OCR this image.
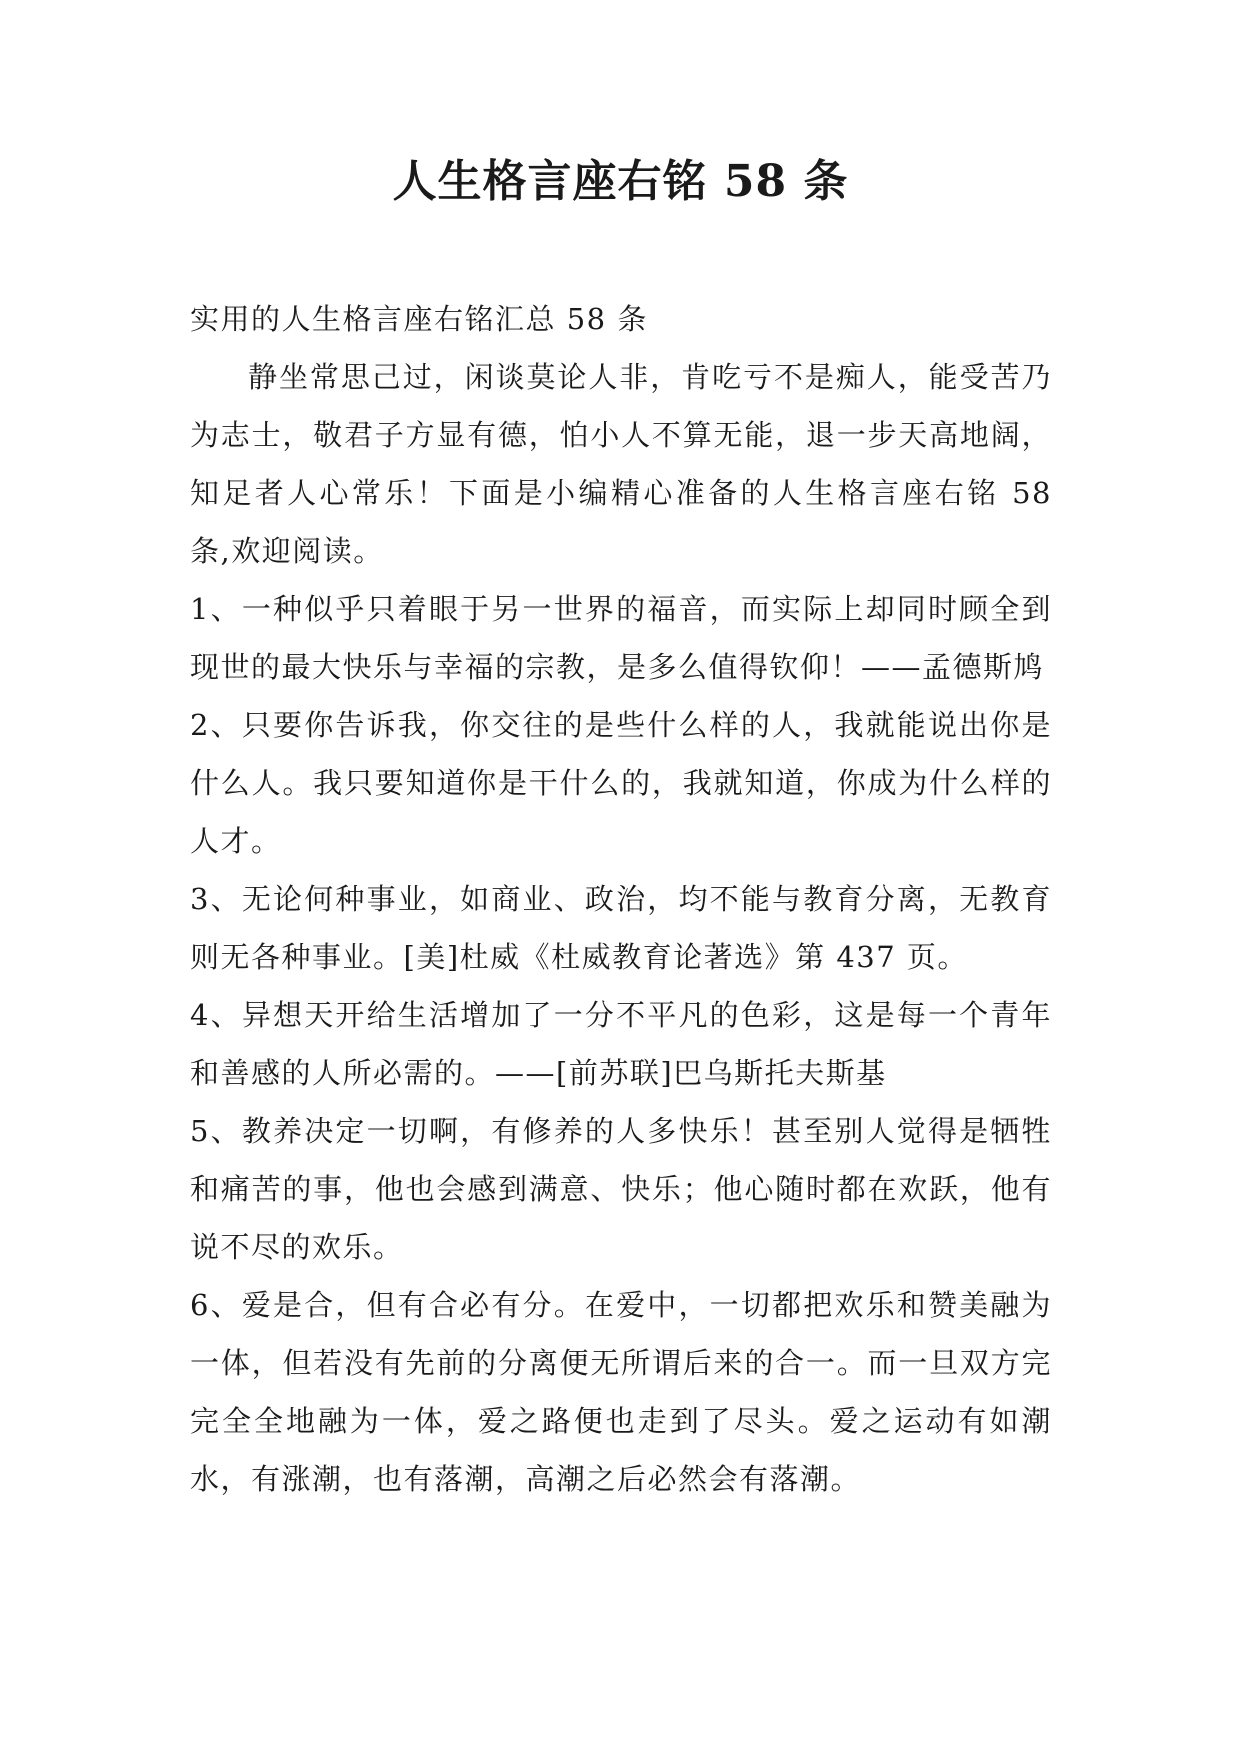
人生格言座右铭 58 条

实用的人生格言座右铭汇总 58 条

静坐常思己过，闲谈莫论人非，肯吃亏不是痴人，能受苦乃为志士，敬君子方显有德，怕小人不算无能，退一步天高地阔，知足者人心常乐！下面是小编精心准备的人生格言座右铭 58 条,欢迎阅读。

1、一种似乎只着眼于另一世界的福音，而实际上却同时顾全到现世的最大快乐与幸福的宗教，是多么值得钦仰！——孟德斯鸠

2、只要你告诉我，你交往的是些什么样的人，我就能说出你是什么人。我只要知道你是干什么的，我就知道，你成为什么样的人才。

3、无论何种事业，如商业、政治，均不能与教育分离，无教育则无各种事业。[美]杜威《杜威教育论著选》第 437 页。

4、异想天开给生活增加了一分不平凡的色彩，这是每一个青年和善感的人所必需的。——[前苏联]巴乌斯托夫斯基

5、教养决定一切啊，有修养的人多快乐！甚至别人觉得是牺牲和痛苦的事，他也会感到满意、快乐；他心随时都在欢跃，他有说不尽的欢乐。

6、爱是合，但有合必有分。在爱中，一切都把欢乐和赞美融为一体，但若没有先前的分离便无所谓后来的合一。而一旦双方完完全全地融为一体，爱之路便也走到了尽头。爱之运动有如潮水，有涨潮，也有落潮，高潮之后必然会有落潮。
